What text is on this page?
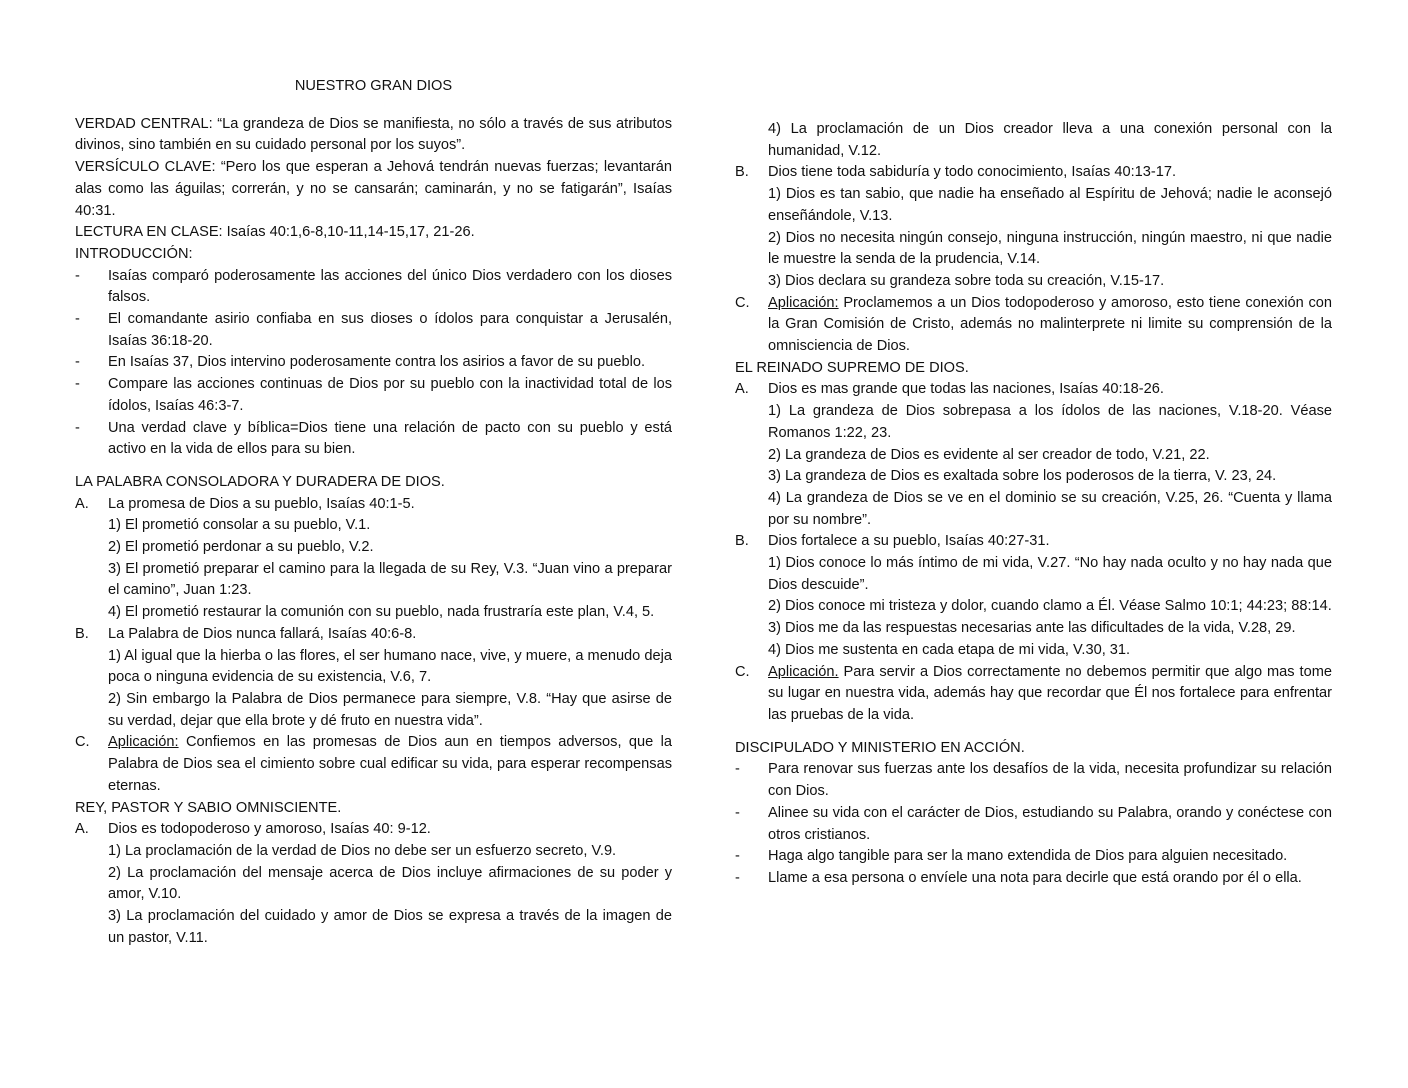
NUESTRO GRAN DIOS

VERDAD CENTRAL: “La grandeza de Dios se manifiesta, no sólo a través de sus atributos divinos, sino también en su cuidado personal por los suyos”.

VERSÍCULO CLAVE: “Pero los que esperan a Jehová tendrán nuevas fuerzas; levantarán alas como las águilas; correrán, y no se cansarán; caminarán, y no se fatigarán”, Isaías 40:31.

LECTURA EN CLASE: Isaías 40:1,6-8,10-11,14-15,17, 21-26.

INTRODUCCIÓN:

-	Isaías comparó poderosamente las acciones del único Dios verdadero con los dioses falsos.
-	El comandante asirio confiaba en sus dioses o ídolos para conquistar a Jerusalén, Isaías 36:18-20.
-	En Isaías 37, Dios intervino poderosamente contra los asirios a favor de su pueblo.
-	Compare las acciones continuas de Dios por su pueblo con la inactividad total de los ídolos, Isaías 46:3-7.
-	Una verdad clave y bíblica=Dios tiene una relación de pacto con su pueblo y está activo en la vida de ellos para su bien.

LA PALABRA CONSOLADORA Y DURADERA DE DIOS.

A.	La promesa de Dios a su pueblo, Isaías 40:1-5.

1) El prometió consolar a su pueblo, V.1.

2) El prometió perdonar a su pueblo, V.2.

3) El prometió preparar el camino para la llegada de su Rey, V.3. “Juan vino a preparar el camino”, Juan 1:23.

4) El prometió restaurar la comunión con su pueblo, nada frustraría este plan, V.4, 5.

B.	La Palabra de Dios nunca fallará, Isaías 40:6-8.

1) Al igual que la hierba o las flores, el ser humano nace, vive, y muere, a menudo deja poca o ninguna evidencia de su existencia, V.6, 7.

2) Sin embargo la Palabra de Dios permanece para siempre, V.8. “Hay que asirse de su verdad, dejar que ella brote y dé fruto en nuestra vida”.

C.	Aplicación: Confiemos en las promesas de Dios aun en tiempos adversos, que la Palabra de Dios sea el cimiento sobre cual edificar su vida, para esperar recompensas eternas.

REY, PASTOR Y SABIO OMNISCIENTE.

A.	Dios es todopoderoso y amoroso, Isaías 40: 9-12.

1) La proclamación de la verdad de Dios no debe ser un esfuerzo secreto, V.9.

2) La proclamación del mensaje acerca de Dios incluye afirmaciones de su poder y amor, V.10.

3) La proclamación del cuidado y amor de Dios se expresa a través de la imagen de un pastor, V.11.

4) La proclamación de un Dios creador lleva a una conexión personal con la humanidad, V.12.

B.	Dios tiene toda sabiduría y todo conocimiento, Isaías 40:13-17.

1) Dios es tan sabio, que nadie ha enseñado al Espíritu de Jehová; nadie le aconsejó enseñándole, V.13.

2) Dios no necesita ningún consejo, ninguna instrucción, ningún maestro, ni que nadie le muestre la senda de la prudencia, V.14.

3) Dios declara su grandeza sobre toda su creación, V.15-17.

C.	Aplicación: Proclamemos a un Dios todopoderoso y amoroso, esto tiene conexión con la Gran Comisión de Cristo, además no malinterprete ni limite su comprensión de la omnisciencia de Dios.

EL REINADO SUPREMO DE DIOS.

A.	Dios es mas grande que todas las naciones, Isaías 40:18-26.

1) La grandeza de Dios sobrepasa a los ídolos de las naciones, V.18-20. Véase Romanos 1:22, 23.

2) La grandeza de Dios es evidente al ser creador de todo, V.21, 22.

3) La grandeza de Dios es exaltada sobre los poderosos de la tierra, V. 23, 24.

4) La grandeza de Dios se ve en el dominio se su creación, V.25, 26. “Cuenta y llama por su nombre”.

B.	Dios fortalece a su pueblo, Isaías 40:27-31.

1) Dios conoce lo más íntimo de mi vida, V.27. “No hay nada oculto y no hay nada que Dios descuide”.

2) Dios conoce mi tristeza y dolor, cuando clamo a Él. Véase Salmo 10:1; 44:23; 88:14.

3) Dios me da las respuestas necesarias ante las dificultades de la vida, V.28, 29.

4) Dios me sustenta en cada etapa de mi vida, V.30, 31.

C.	Aplicación. Para servir a Dios correctamente no debemos permitir que algo mas tome su lugar en nuestra vida, además hay que recordar que Él nos fortalece para enfrentar las pruebas de la vida.

DISCIPULADO Y MINISTERIO EN ACCIÓN.

-	Para renovar sus fuerzas ante los desafíos de la vida, necesita profundizar su relación con Dios.
-	Alinee su vida con el carácter de Dios, estudiando su Palabra, orando y conéctese con otros cristianos.
-	Haga algo tangible para ser la mano extendida de Dios para alguien necesitado.
-	Llame a esa persona o envíele una nota para decirle que está orando por él o ella.
